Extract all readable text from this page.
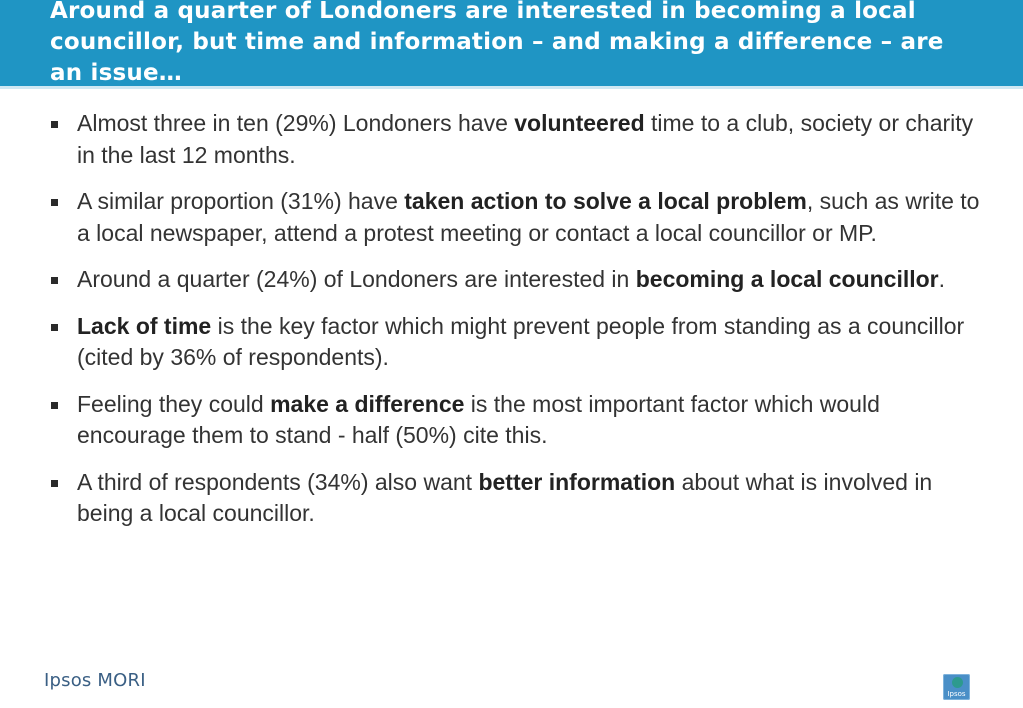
Around a quarter of Londoners are interested in becoming a local councillor, but time and information – and making a difference – are an issue…
Almost three in ten (29%) Londoners have volunteered time to a club, society or charity in the last 12 months.
A similar proportion (31%) have taken action to solve a local problem, such as write to a local newspaper, attend a protest meeting or contact a local councillor or MP.
Around a quarter (24%) of Londoners are interested in becoming a local councillor.
Lack of time is the key factor which might prevent people from standing as a councillor (cited by 36% of respondents).
Feeling they could make a difference is the most important factor which would encourage them to stand - half (50%) cite this.
A third of respondents (34%) also want better information about what is involved in being a local councillor.
Ipsos MORI
Ipsos
